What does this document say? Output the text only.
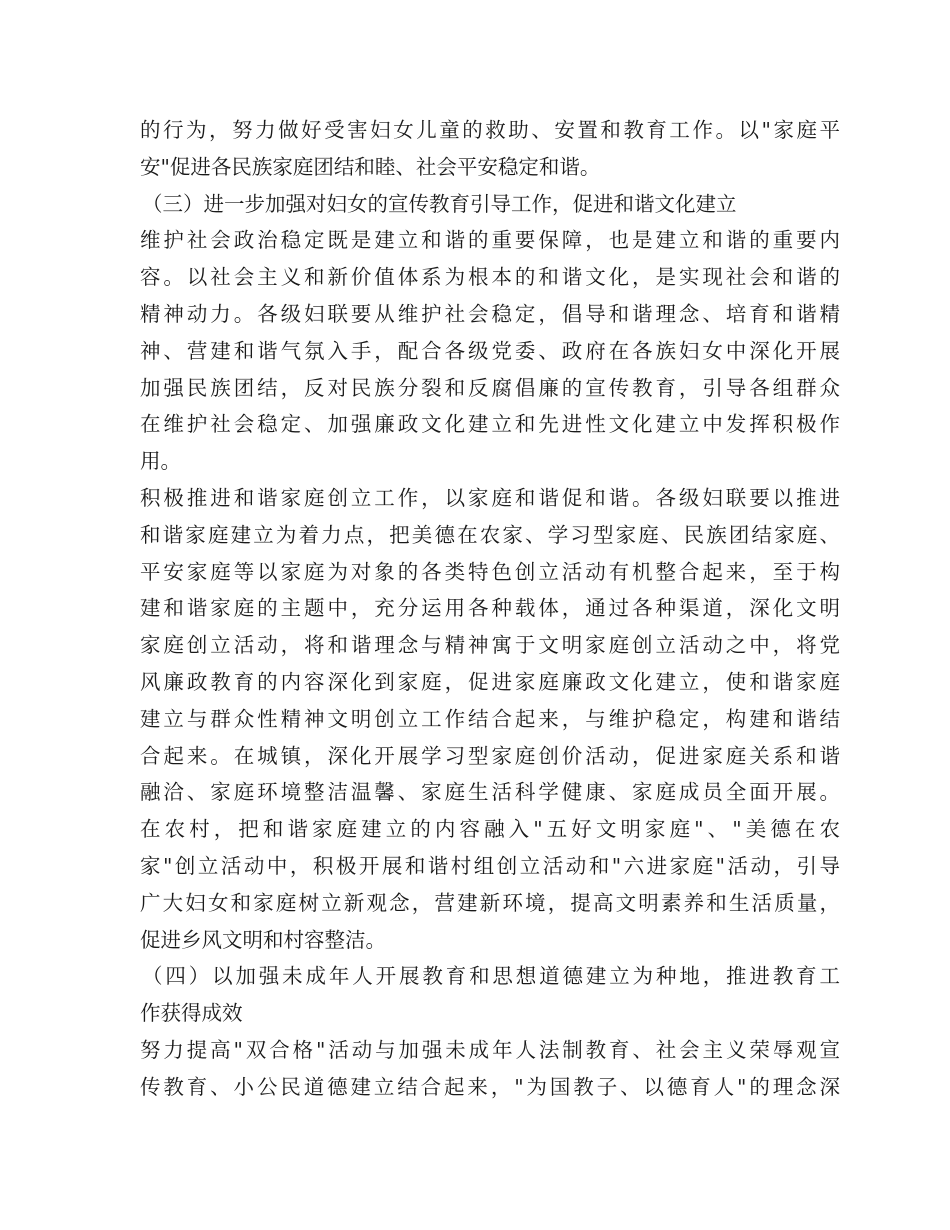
的行为，努力做好受害妇女儿童的救助、安置和教育工作。以"家庭平
安"促进各民族家庭团结和睦、社会平安稳定和谐。
（三）进一步加强对妇女的宣传教育引导工作，促进和谐文化建立
维护社会政治稳定既是建立和谐的重要保障，也是建立和谐的重要内
容。以社会主义和新价值体系为根本的和谐文化，是实现社会和谐的
精神动力。各级妇联要从维护社会稳定，倡导和谐理念、培育和谐精
神、营建和谐气氛入手，配合各级党委、政府在各族妇女中深化开展
加强民族团结，反对民族分裂和反腐倡廉的宣传教育，引导各组群众
在维护社会稳定、加强廉政文化建立和先进性文化建立中发挥积极作
用。
积极推进和谐家庭创立工作，以家庭和谐促和谐。各级妇联要以推进
和谐家庭建立为着力点，把美德在农家、学习型家庭、民族团结家庭、
平安家庭等以家庭为对象的各类特色创立活动有机整合起来，至于构
建和谐家庭的主题中，充分运用各种载体，通过各种渠道，深化文明
家庭创立活动，将和谐理念与精神寓于文明家庭创立活动之中，将党
风廉政教育的内容深化到家庭，促进家庭廉政文化建立，使和谐家庭
建立与群众性精神文明创立工作结合起来，与维护稳定，构建和谐结
合起来。在城镇，深化开展学习型家庭创价活动，促进家庭关系和谐
融洽、家庭环境整洁温馨、家庭生活科学健康、家庭成员全面开展。
在农村，把和谐家庭建立的内容融入"五好文明家庭"、"美德在农
家"创立活动中，积极开展和谐村组创立活动和"六进家庭"活动，引导
广大妇女和家庭树立新观念，营建新环境，提高文明素养和生活质量，
促进乡风文明和村容整洁。
（四）以加强未成年人开展教育和思想道德建立为种地，推进教育工
作获得成效
努力提高"双合格"活动与加强未成年人法制教育、社会主义荣辱观宣
传教育、小公民道德建立结合起来，"为国教子、以德育人"的理念深
